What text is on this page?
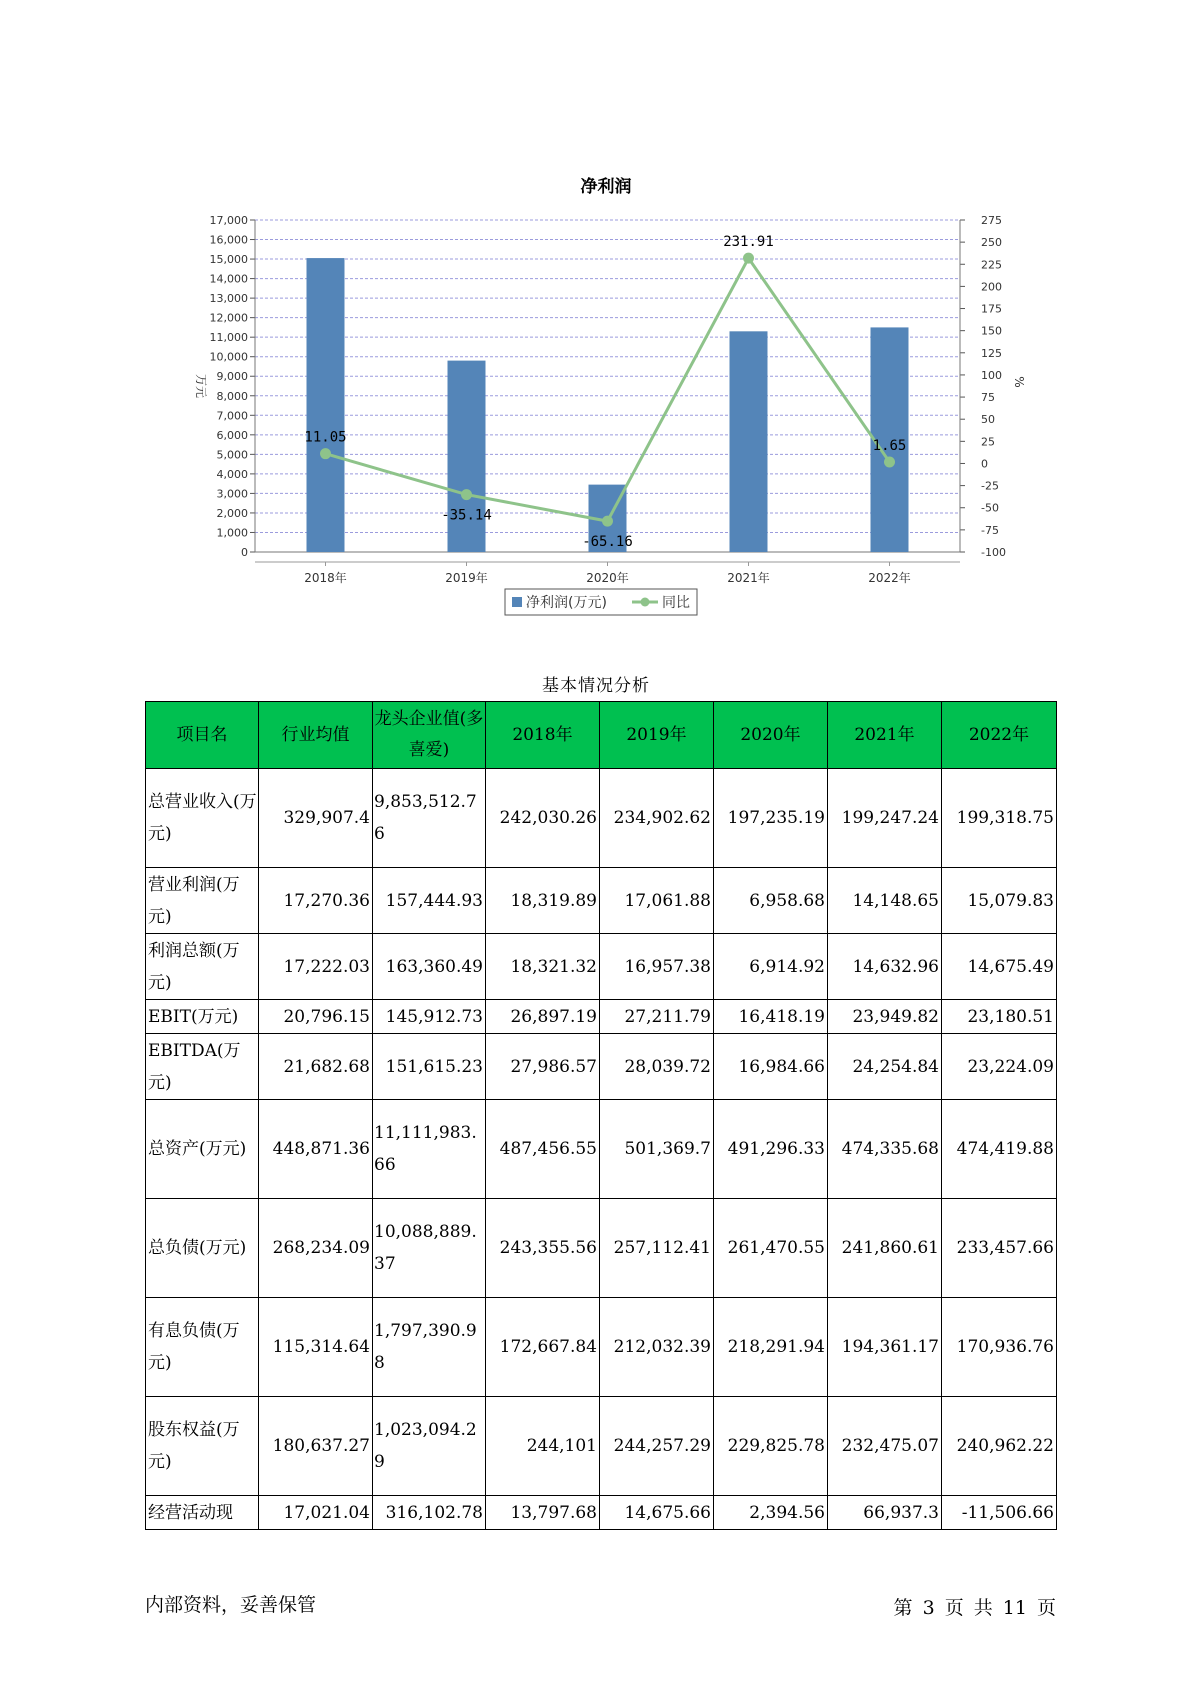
净利润
0
1,000
2,000
3,000
4,000
5,000
6,000
7,000
8,000
9,000
10,000
11,000
12,000
13,000
14,000
15,000
16,000
17,000
-100
-75
-50
-25
0
25
50
75
100
125
150
175
200
225
250
275
万元	%
2018年	2019年	2020年	2021年	2022年
11.05
-35.14
-65.16
231.91
1.65
净利润(万元)	同比
基本情况分析
项目名	行业均值	龙头企业值(多喜爱)	2018年	2019年	2020年	2021年	2022年
总营业收入(万元)	329,907.4	9,853,512.76	242,030.26	234,902.62	197,235.19	199,247.24	199,318.75
营业利润(万元)	17,270.36	157,444.93	18,319.89	17,061.88	6,958.68	14,148.65	15,079.83
利润总额(万元)	17,222.03	163,360.49	18,321.32	16,957.38	6,914.92	14,632.96	14,675.49
EBIT(万元)	20,796.15	145,912.73	26,897.19	27,211.79	16,418.19	23,949.82	23,180.51
EBITDA(万元)	21,682.68	151,615.23	27,986.57	28,039.72	16,984.66	24,254.84	23,224.09
总资产(万元)	448,871.36	11,111,983.66	487,456.55	501,369.7	491,296.33	474,335.68	474,419.88
总负债(万元)	268,234.09	10,088,889.37	243,355.56	257,112.41	261,470.55	241,860.61	233,457.66
有息负债(万元)	115,314.64	1,797,390.98	172,667.84	212,032.39	218,291.94	194,361.17	170,936.76
股东权益(万元)	180,637.27	1,023,094.29	244,101	244,257.29	229,825.78	232,475.07	240,962.22
经营活动现	17,021.04	316,102.78	13,797.68	14,675.66	2,394.56	66,937.3	-11,506.66
内部资料，妥善保管	第 3 页 共 11 页
